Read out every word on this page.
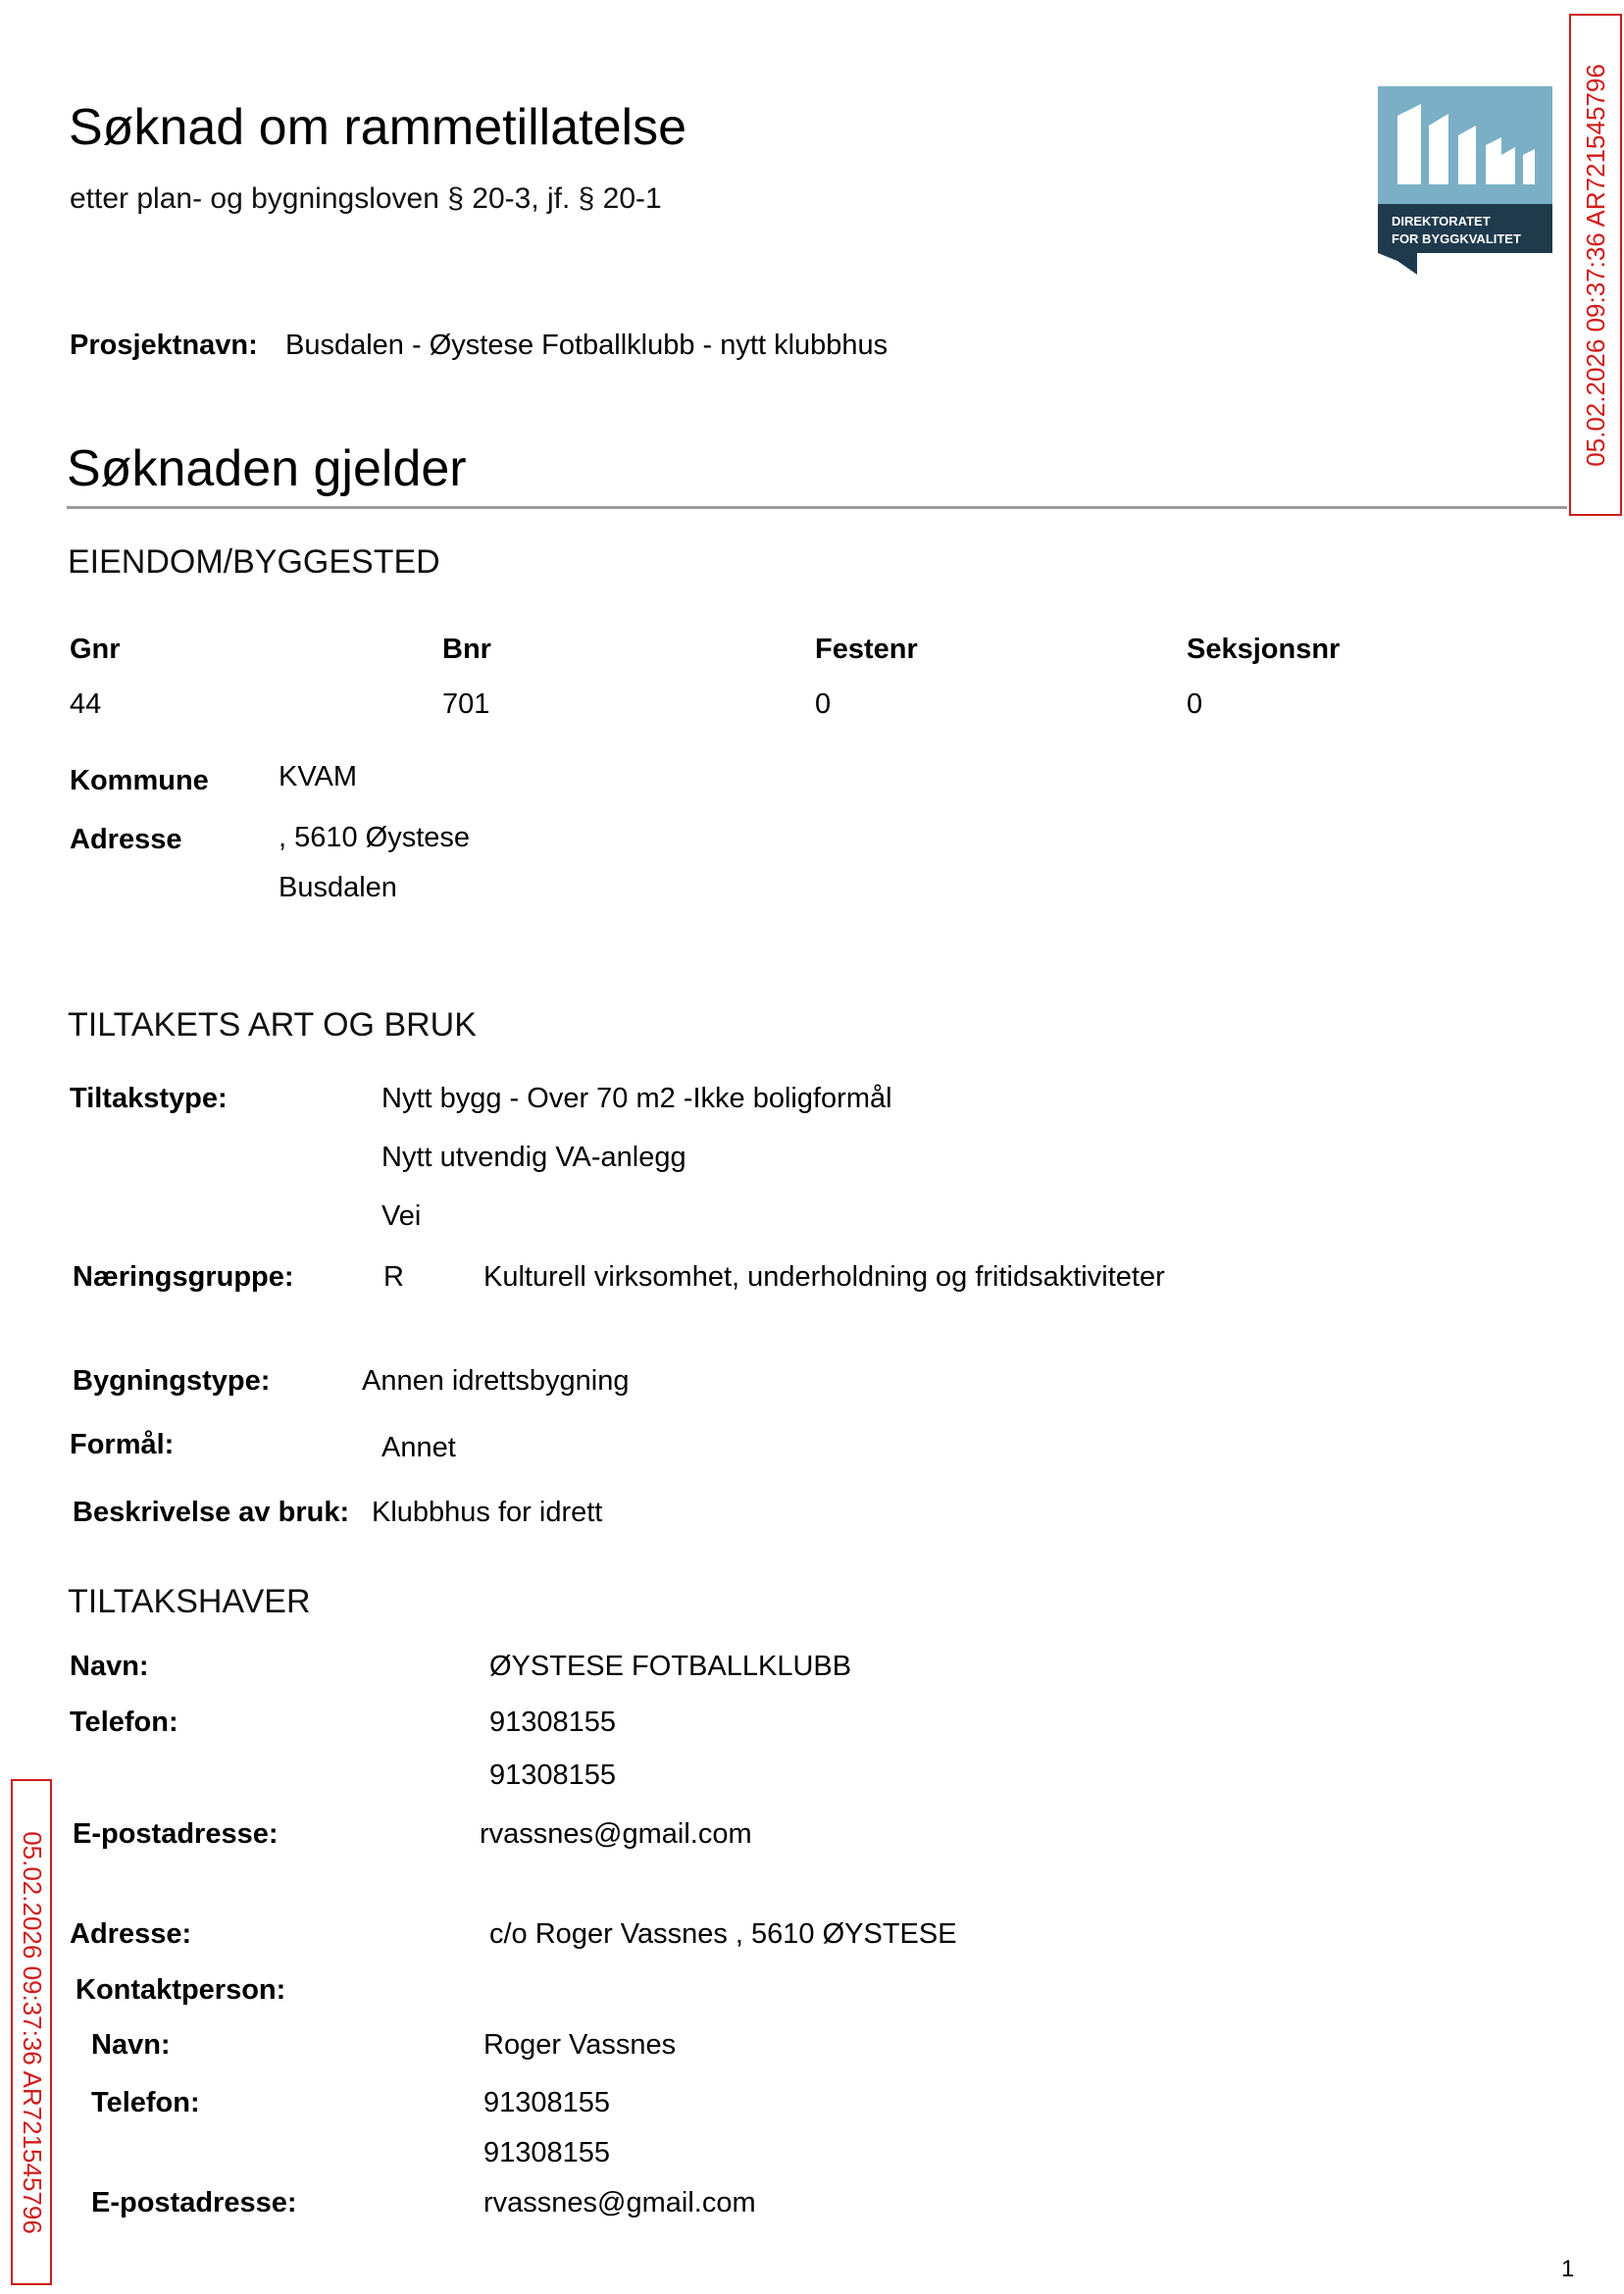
Søknad om rammetillatelse
etter plan- og bygningsloven § 20-3, jf. § 20-1
DIREKTORATET
FOR BYGGKVALITET 05.02.2026 09:37:36 AR721545796
05.02.2026 09:37:36 AR721545796
Prosjektnavn: Busdalen - Øystese Fotballklubb - nytt klubbhus
Søknaden gjelder
EIENDOM/BYGGESTED
Gnr	Bnr	Festenr	Seksjonsnr
44	701	0	0
Kommune KVAM
Adresse	, 5610 Øystese
Busdalen
TILTAKETS ART OG BRUK
Tiltakstype:	Nytt bygg - Over 70 m2 -Ikke boligformål
Nytt utvendig VA-anlegg
Vei
Næringsgruppe:	R	Kulturell virksomhet, underholdning og fritidsaktiviteter
Bygningstype:	Annen idrettsbygning
Formål:	Annet
Beskrivelse av bruk: Klubbhus for idrett
TILTAKSHAVER
Navn:	ØYSTESE FOTBALLKLUBB
Telefon:	91308155
91308155
E-postadresse:	rvassnes@gmail.com
Adresse:	c/o Roger Vassnes , 5610 ØYSTESE
Kontaktperson:
Navn:	Roger Vassnes
Telefon:	91308155
91308155
E-postadresse:	rvassnes@gmail.com
1
